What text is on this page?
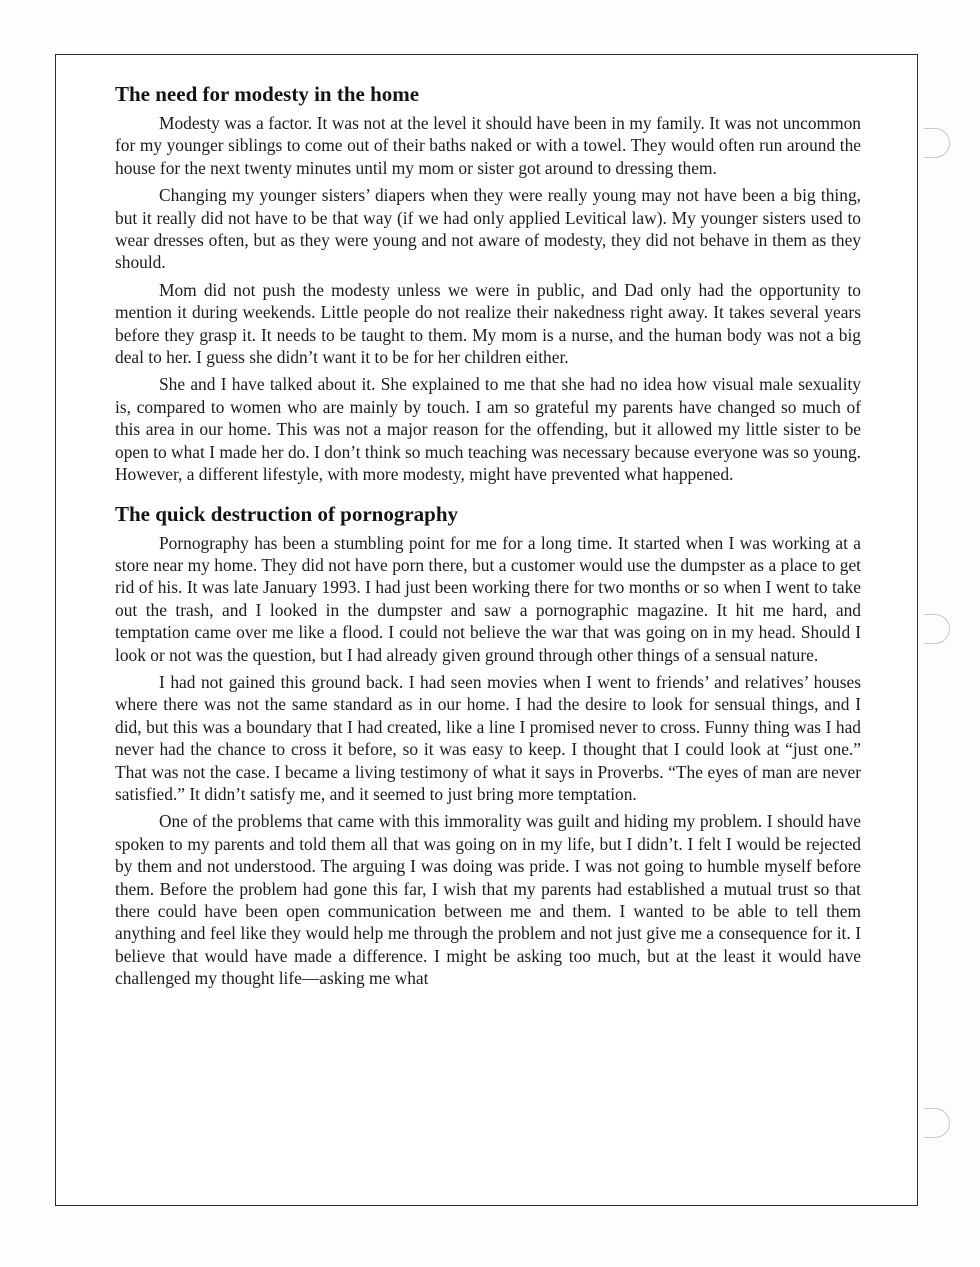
The need for modesty in the home

Modesty was a factor. It was not at the level it should have been in my family. It was not uncommon for my younger siblings to come out of their baths naked or with a towel. They would often run around the house for the next twenty minutes until my mom or sister got around to dressing them.

Changing my younger sisters’ diapers when they were really young may not have been a big thing, but it really did not have to be that way (if we had only applied Levitical law). My younger sisters used to wear dresses often, but as they were young and not aware of modesty, they did not behave in them as they should.

Mom did not push the modesty unless we were in public, and Dad only had the opportunity to mention it during weekends. Little people do not realize their nakedness right away. It takes several years before they grasp it. It needs to be taught to them. My mom is a nurse, and the human body was not a big deal to her. I guess she didn’t want it to be for her children either.

She and I have talked about it. She explained to me that she had no idea how visual male sexuality is, compared to women who are mainly by touch. I am so grateful my parents have changed so much of this area in our home. This was not a major reason for the offending, but it allowed my little sister to be open to what I made her do. I don’t think so much teaching was necessary because everyone was so young. However, a different lifestyle, with more modesty, might have prevented what happened.

The quick destruction of pornography

Pornography has been a stumbling point for me for a long time. It started when I was working at a store near my home. They did not have porn there, but a customer would use the dumpster as a place to get rid of his. It was late January 1993. I had just been working there for two months or so when I went to take out the trash, and I looked in the dumpster and saw a pornographic magazine. It hit me hard, and temptation came over me like a flood. I could not believe the war that was going on in my head. Should I look or not was the question, but I had already given ground through other things of a sensual nature.

I had not gained this ground back. I had seen movies when I went to friends’ and relatives’ houses where there was not the same standard as in our home. I had the desire to look for sensual things, and I did, but this was a boundary that I had created, like a line I promised never to cross. Funny thing was I had never had the chance to cross it before, so it was easy to keep. I thought that I could look at “just one.” That was not the case. I became a living testimony of what it says in Proverbs. “The eyes of man are never satisfied.” It didn’t satisfy me, and it seemed to just bring more temptation.

One of the problems that came with this immorality was guilt and hiding my problem. I should have spoken to my parents and told them all that was going on in my life, but I didn’t. I felt I would be rejected by them and not understood. The arguing I was doing was pride. I was not going to humble myself before them. Before the problem had gone this far, I wish that my parents had established a mutual trust so that there could have been open communication between me and them. I wanted to be able to tell them anything and feel like they would help me through the problem and not just give me a consequence for it. I believe that would have made a difference. I might be asking too much, but at the least it would have challenged my thought life—asking me what
